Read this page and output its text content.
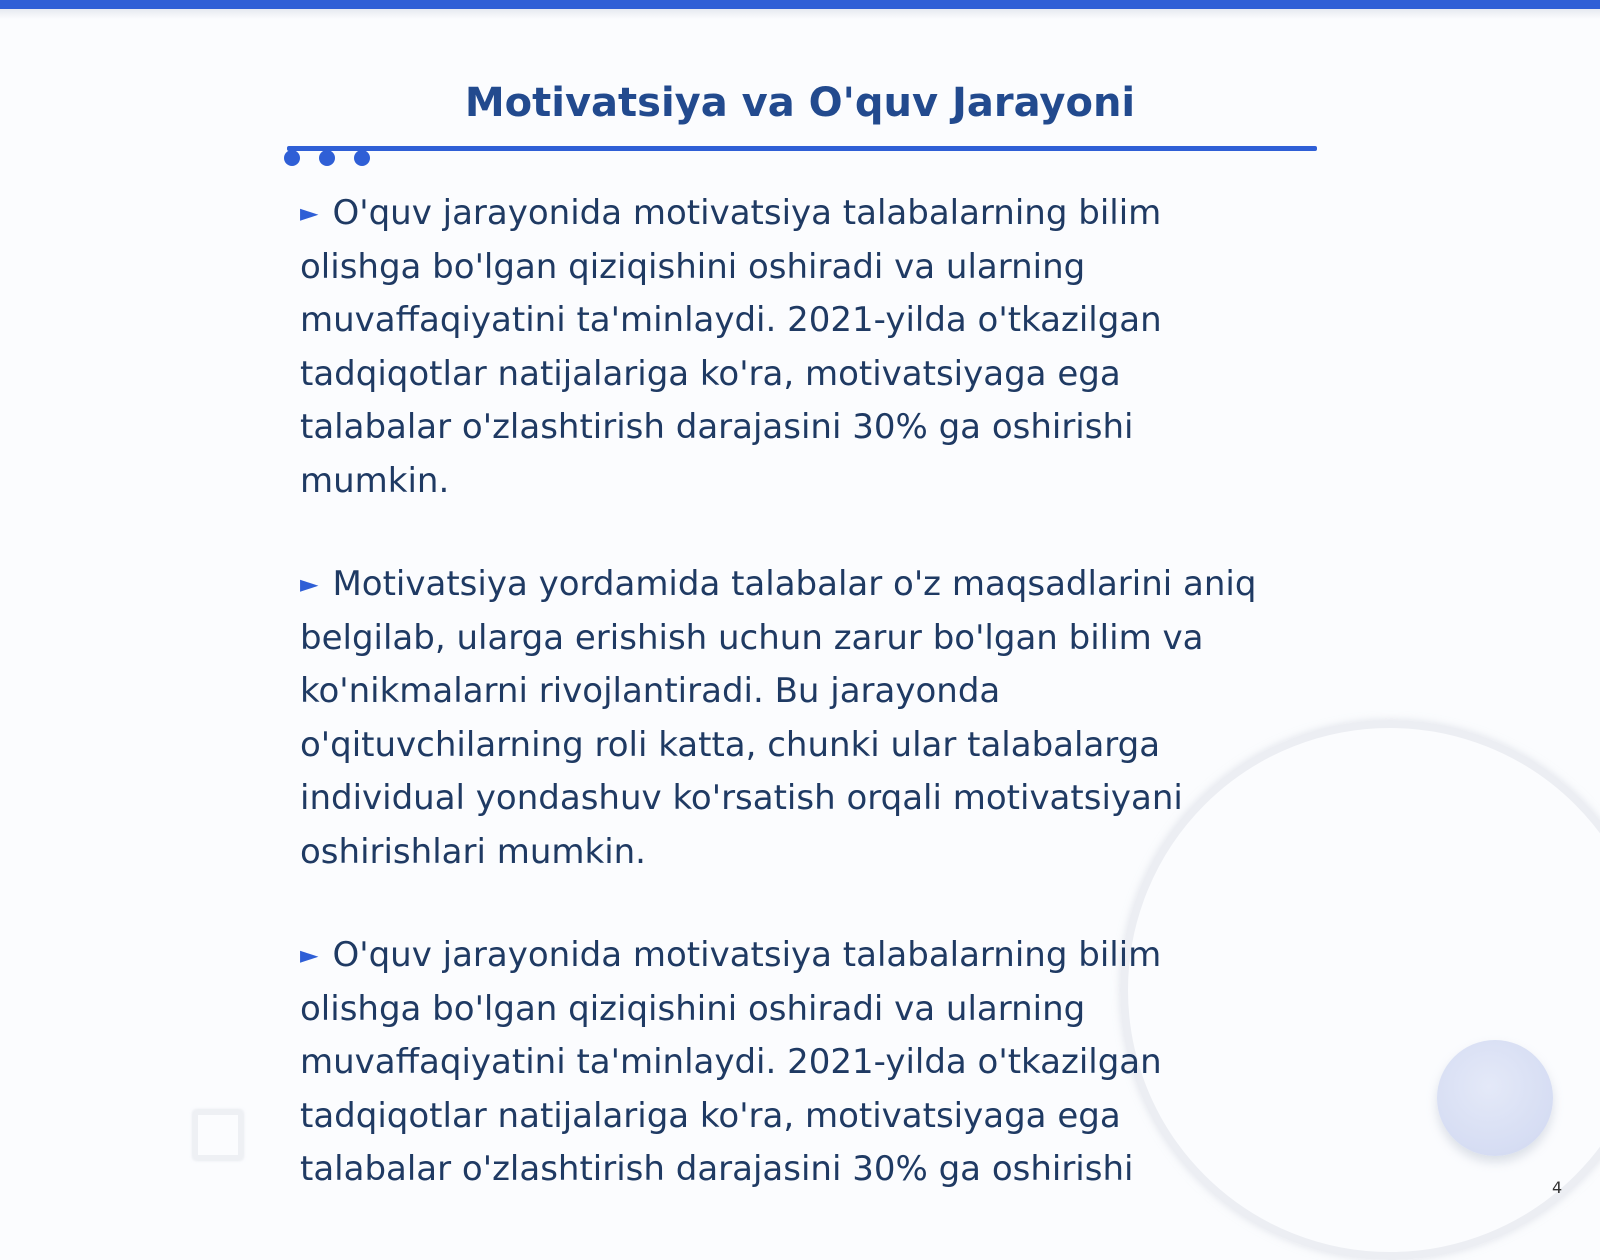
Motivatsiya va O'quv Jarayoni

► O'quv jarayonida motivatsiya talabalarning bilim olishga bo'lgan qiziqishini oshiradi va ularning muvaffaqiyatini ta'minlaydi. 2021-yilda o'tkazilgan tadqiqotlar natijalariga ko'ra, motivatsiyaga ega talabalar o'zlashtirish darajasini 30% ga oshirishi mumkin.

► Motivatsiya yordamida talabalar o'z maqsadlarini aniq belgilab, ularga erishish uchun zarur bo'lgan bilim va ko'nikmalarni rivojlantiradi. Bu jarayonda o'qituvchilarning roli katta, chunki ular talabalarga individual yondashuv ko'rsatish orqali motivatsiyani oshirishlari mumkin.

► O'quv jarayonida motivatsiya talabalarning bilim olishga bo'lgan qiziqishini oshiradi va ularning muvaffaqiyatini ta'minlaydi. 2021-yilda o'tkazilgan tadqiqotlar natijalariga ko'ra, motivatsiyaga ega talabalar o'zlashtirish darajasini 30% ga oshirishi	4
